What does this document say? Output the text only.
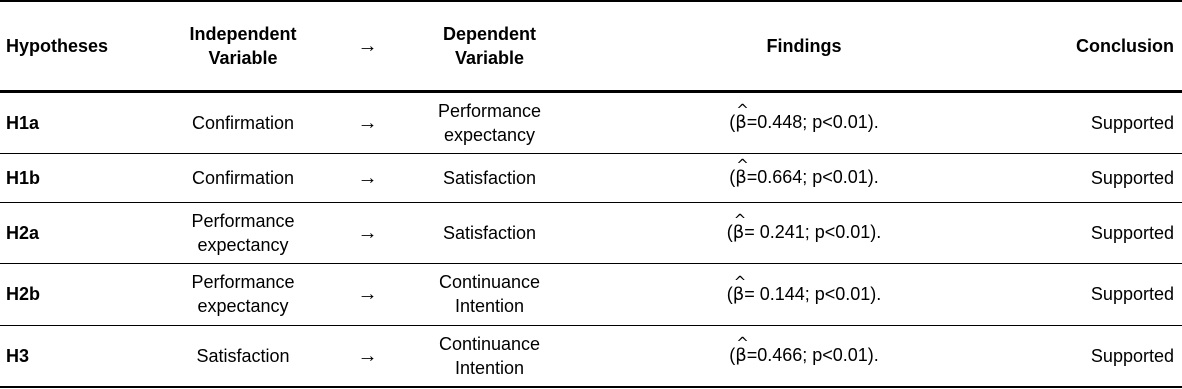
Hypotheses	Independent Variable	→	Dependent Variable	Findings	Conclusion
H1a	Confirmation	→	Performance expectancy	(^ β=0.448; p<0.01).	Supported
H1b	Confirmation	→	Satisfaction	(^ β=0.664; p<0.01).	Supported
H2a	Performance expectancy	→	Satisfaction	(^ β= 0.241; p<0.01).	Supported
H2b	Performance expectancy	→	Continuance Intention	(^ β= 0.144; p<0.01).	Supported
H3	Satisfaction	→	Continuance Intention	(^ β=0.466; p<0.01).	Supported
